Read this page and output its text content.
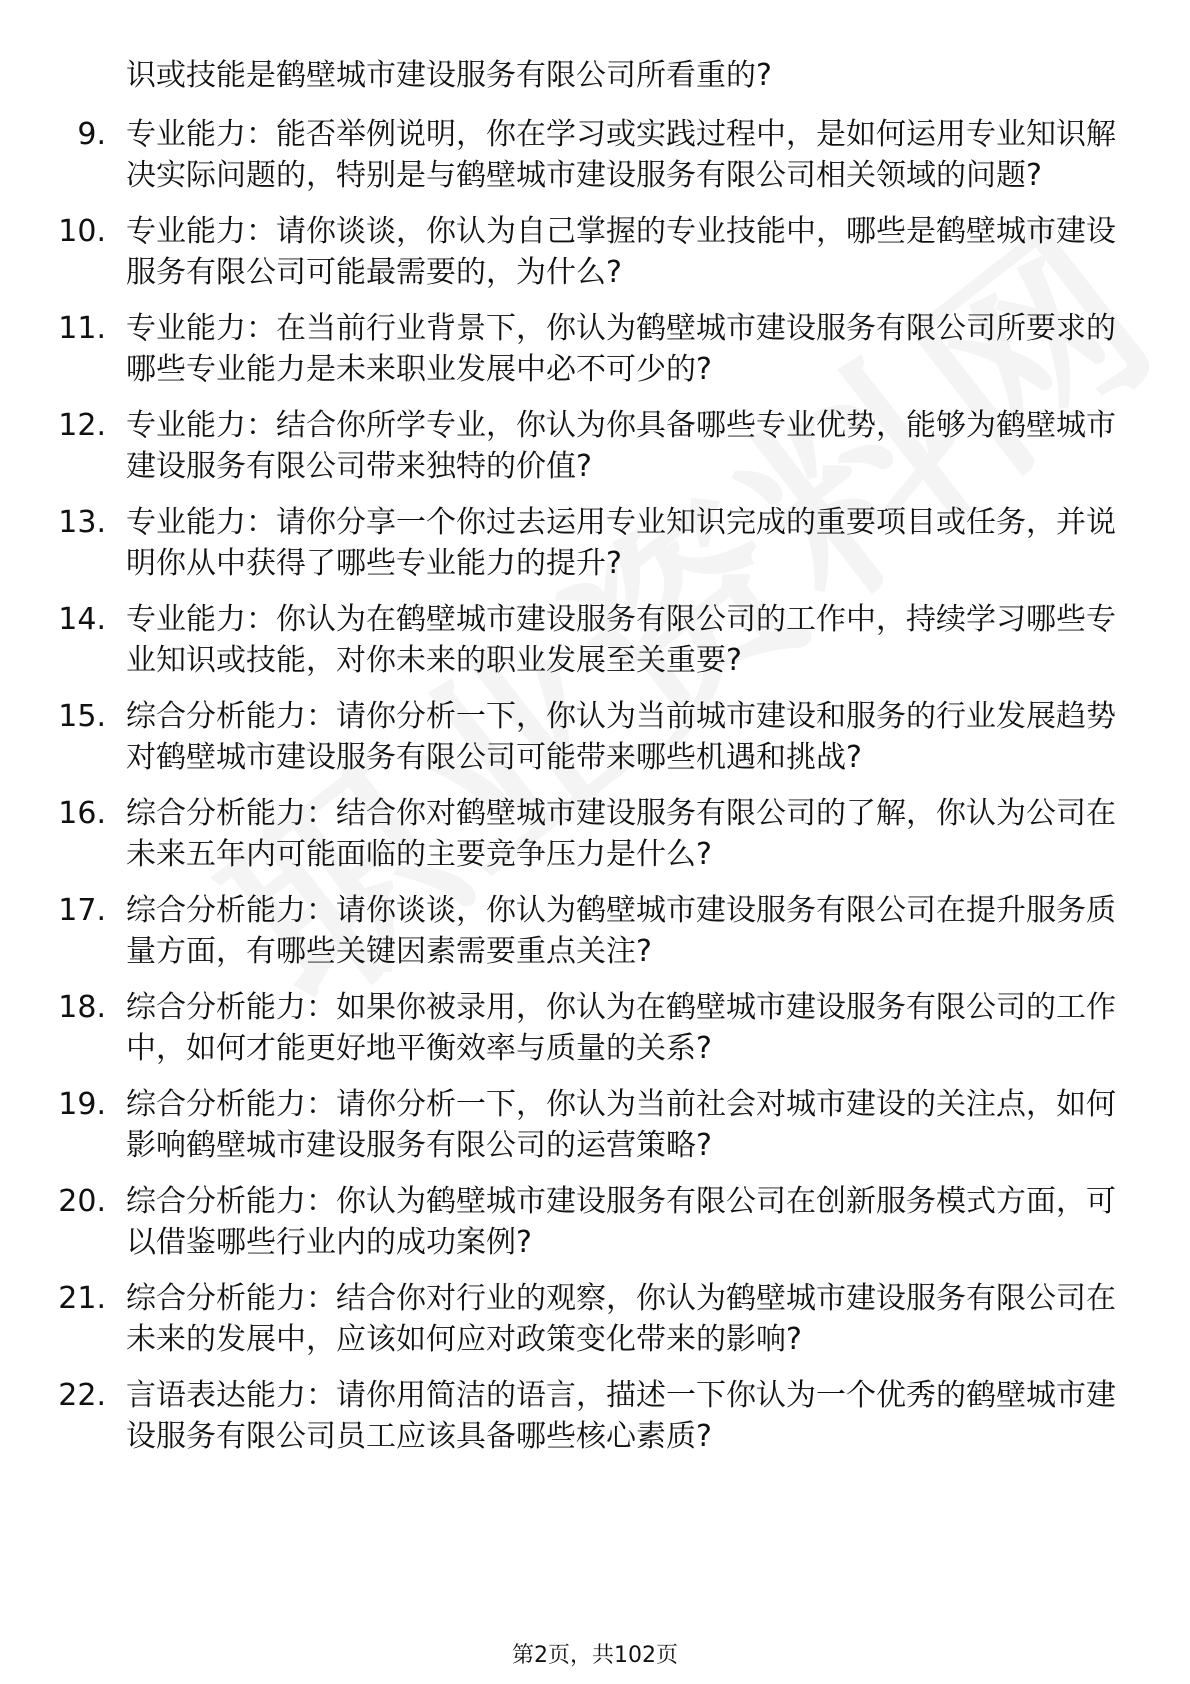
识或技能是鹤壁城市建设服务有限公司所看重的?
9. 专业能力：能否举例说明，你在学习或实践过程中，是如何运用专业知识解决实际问题的，特别是与鹤壁城市建设服务有限公司相关领域的问题?
10. 专业能力：请你谈谈，你认为自己掌握的专业技能中，哪些是鹤壁城市建设服务有限公司可能最需要的，为什么?
11. 专业能力：在当前行业背景下，你认为鹤壁城市建设服务有限公司所要求的哪些专业能力是未来职业发展中必不可少的?
12. 专业能力：结合你所学专业，你认为你具备哪些专业优势，能够为鹤壁城市建设服务有限公司带来独特的价值?
13. 专业能力：请你分享一个你过去运用专业知识完成的重要项目或任务，并说明你从中获得了哪些专业能力的提升?
14. 专业能力：你认为在鹤壁城市建设服务有限公司的工作中，持续学习哪些专业知识或技能，对你未来的职业发展至关重要?
15. 综合分析能力：请你分析一下，你认为当前城市建设和服务的行业发展趋势对鹤壁城市建设服务有限公司可能带来哪些机遇和挑战?
16. 综合分析能力：结合你对鹤壁城市建设服务有限公司的了解，你认为公司在未来五年内可能面临的主要竞争压力是什么?
17. 综合分析能力：请你谈谈，你认为鹤壁城市建设服务有限公司在提升服务质量方面，有哪些关键因素需要重点关注?
18. 综合分析能力：如果你被录用，你认为在鹤壁城市建设服务有限公司的工作中，如何才能更好地平衡效率与质量的关系?
19. 综合分析能力：请你分析一下，你认为当前社会对城市建设的关注点，如何影响鹤壁城市建设服务有限公司的运营策略?
20. 综合分析能力：你认为鹤壁城市建设服务有限公司在创新服务模式方面，可以借鉴哪些行业内的成功案例?
21. 综合分析能力：结合你对行业的观察，你认为鹤壁城市建设服务有限公司在未来的发展中，应该如何应对政策变化带来的影响?
22. 言语表达能力：请你用简洁的语言，描述一下你认为一个优秀的鹤壁城市建设服务有限公司员工应该具备哪些核心素质?
第2页，共102页
